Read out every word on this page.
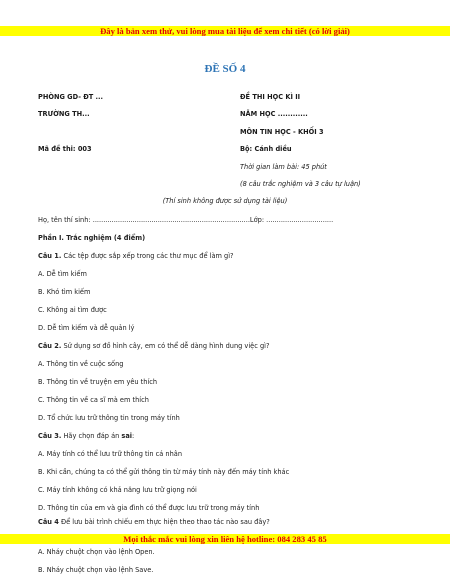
Đây là bản xem thử, vui lòng mua tài liệu để xem chi tiết (có lời giải)
ĐỀ SỐ 4
PHÒNG GD- ĐT ...
TRƯỜNG TH...
Mã đề thi: 003
ĐỀ THI HỌC KÌ II
NĂM HỌC ............
MÔN TIN HỌC - KHỐI 3
Bộ: Cánh diều
Thời gian làm bài: 45 phút
(8 câu trắc nghiệm và 3 câu tự luận)
(Thí sinh không được sử dụng tài liệu)
Họ, tên thí sinh: ...........................................................................Lớp: ................................
Phần I. Trắc nghiệm (4 điểm)
Câu 1. Các tệp được sắp xếp trong các thư mục để làm gì?
A. Dễ tìm kiếm
B. Khó tìm kiếm
C. Không ai tìm được
D. Dễ tìm kiếm và dễ quản lý
Câu 2. Sử dụng sơ đồ hình cây, em có thể dễ dàng hình dung việc gì?
A. Thông tin về cuộc sống
B. Thông tin về truyện em yêu thích
C. Thông tin về ca sĩ mà em thích
D. Tổ chức lưu trữ thông tin trong máy tính
Câu 3. Hãy chọn đáp án sai:
A. Máy tính có thể lưu trữ thông tin cá nhân
B. Khi cần, chúng ta có thể gửi thông tin từ máy tính này đến máy tính khác
C. Máy tính không có khả năng lưu trữ giọng nói
D. Thông tin của em và gia đình có thể được lưu trữ trong máy tính
Câu 4 Để lưu bài trình chiếu em thực hiện theo thao tác nào sau đây?
A. Nháy chuột chọn vào lệnh Open.
B. Nháy chuột chọn vào lệnh Save.
Mọi thắc mắc vui lòng xin liên hệ hotline: 084 283 45 85
